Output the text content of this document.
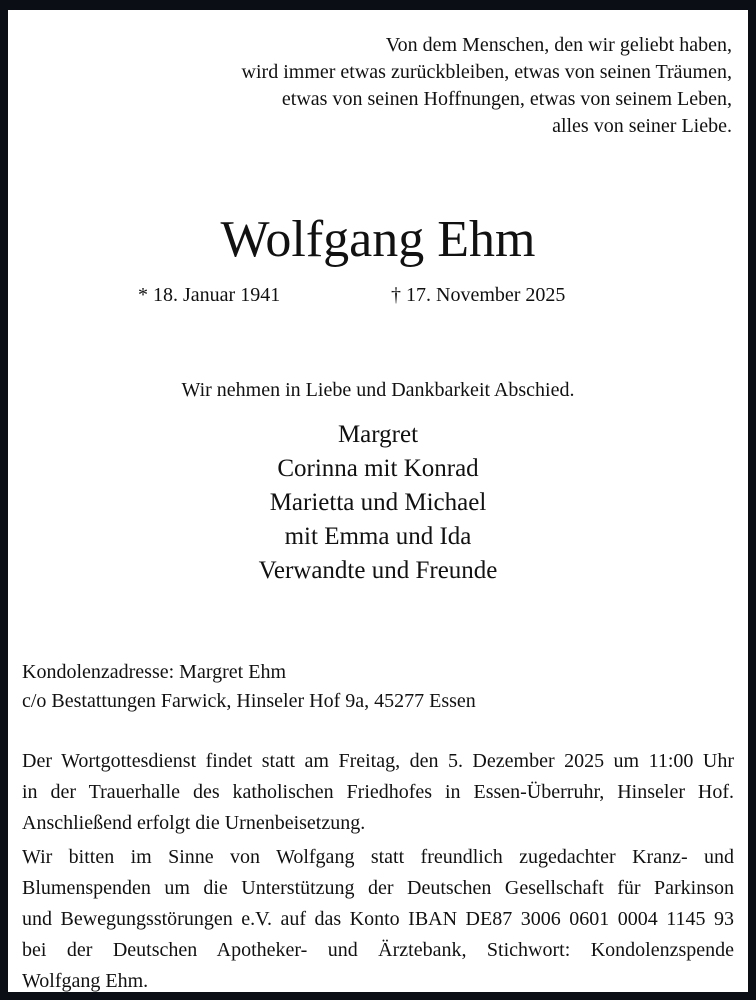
Von dem Menschen, den wir geliebt haben,
wird immer etwas zurückbleiben, etwas von seinen Träumen,
etwas von seinen Hoffnungen, etwas von seinem Leben,
alles von seiner Liebe.
Wolfgang Ehm
* 18. Januar 1941	† 17. November 2025
Wir nehmen in Liebe und Dankbarkeit Abschied.
Margret
Corinna mit Konrad
Marietta und Michael
mit Emma und Ida
Verwandte und Freunde
Kondolenzadresse: Margret Ehm
c/o Bestattungen Farwick, Hinseler Hof 9a, 45277 Essen
Der Wortgottesdienst findet statt am Freitag, den 5. Dezember 2025 um 11:00 Uhr
in der Trauerhalle des katholischen Friedhofes in Essen-Überruhr, Hinseler Hof.
Anschließend erfolgt die Urnenbeisetzung.
Wir bitten im Sinne von Wolfgang statt freundlich zugedachter Kranz- und
Blumenspenden um die Unterstützung der Deutschen Gesellschaft für Parkinson
und Bewegungsstörungen e.V. auf das Konto IBAN DE87 3006 0601 0004 1145 93
bei der Deutschen Apotheker- und Ärztebank, Stichwort: Kondolenzspende
Wolfgang Ehm.
